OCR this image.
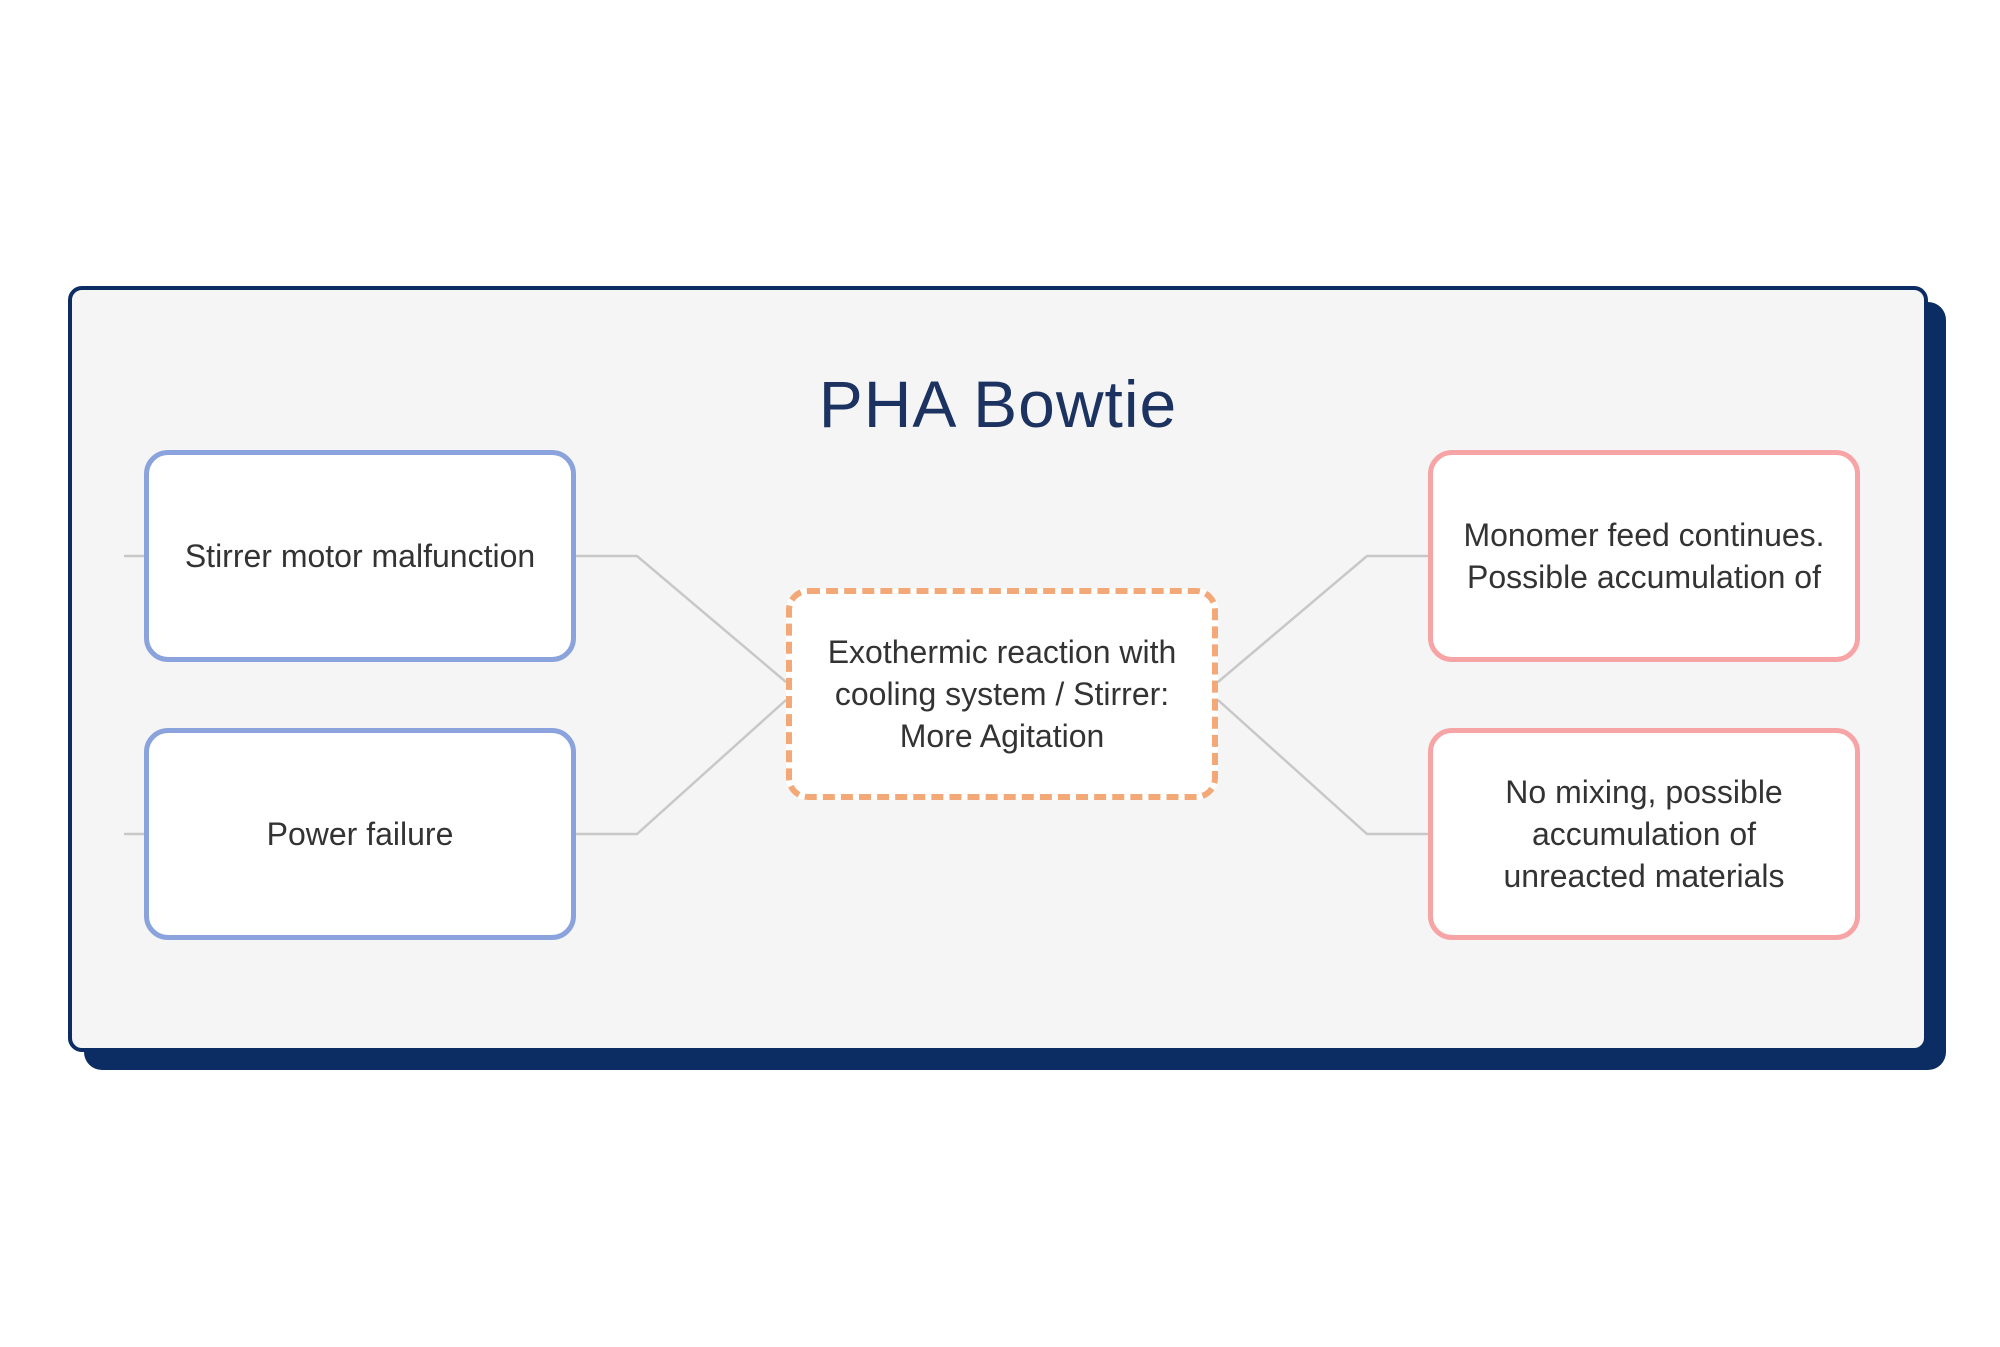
PHA Bowtie
Stirrer motor malfunction
Power failure
Exothermic reaction with cooling system / Stirrer: More Agitation
Monomer feed continues. Possible accumulation of
No mixing, possible accumulation of unreacted materials
